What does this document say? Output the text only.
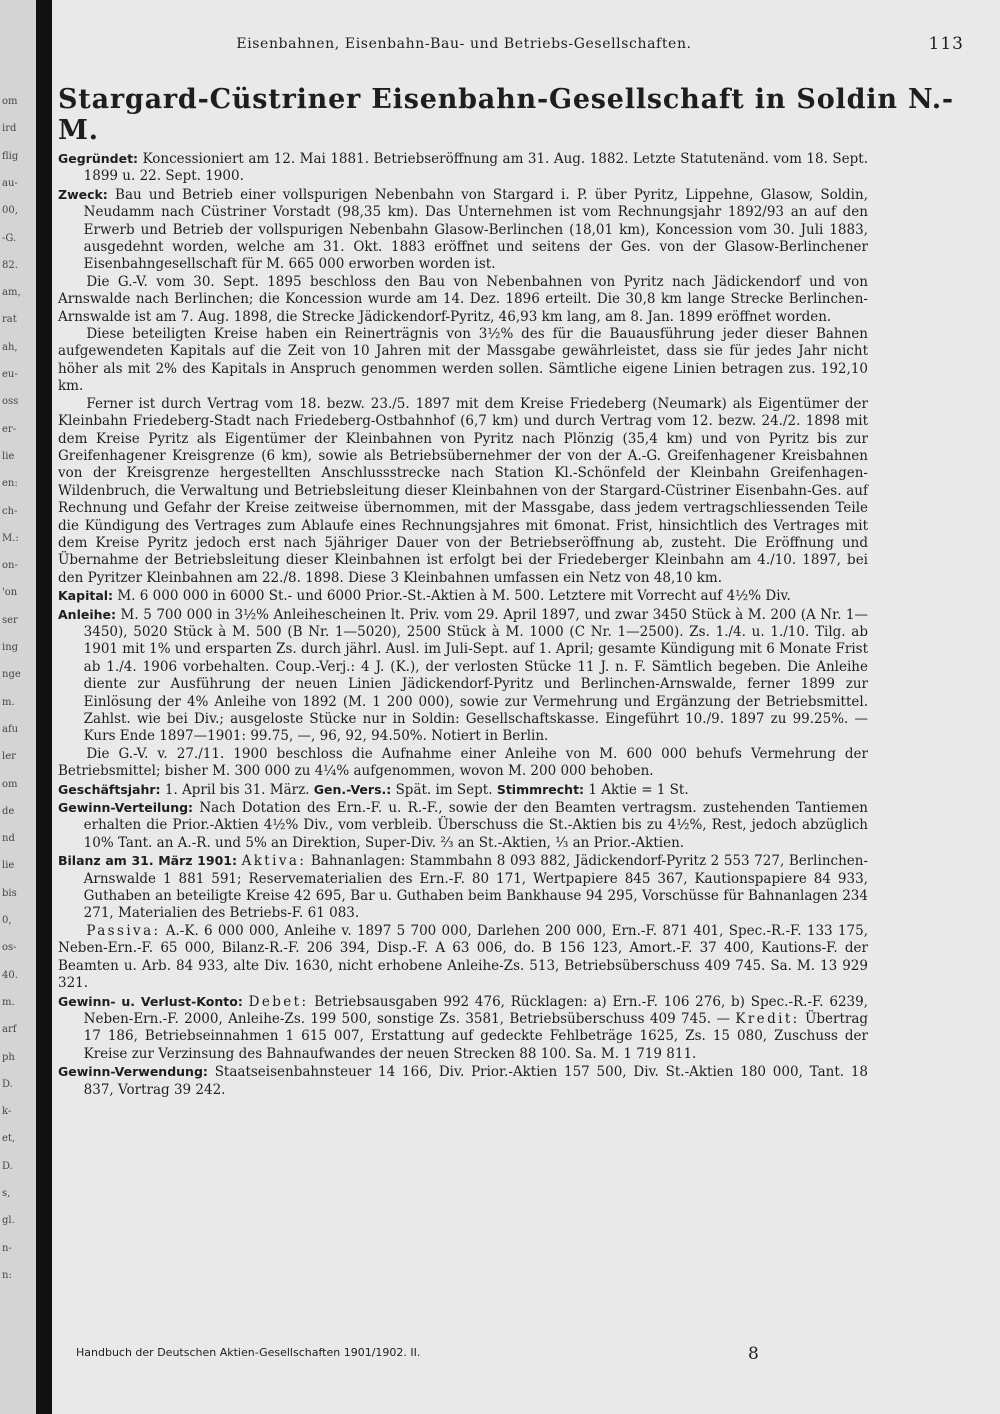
om
ird
flig
au-
00,
-G.
82.
am,
rat
ah,
eu-
oss
er-
lie
en:
ch-
M.:
on-
'on
ser
ing
nge
m.
afu
ler
om
de
nd
lie
bis
0,
os-
40.
m.
arf
ph
D.
k-
et,
D.
s,
gl.
n-
n:
Eisenbahnen, Eisenbahn-Bau- und Betriebs-Gesellschaften.	113
Stargard-Cüstriner Eisenbahn-Gesellschaft in Soldin N.-M.

Gegründet: Koncessioniert am 12. Mai 1881. Betriebseröffnung am 31. Aug. 1882. Letzte Statutenänd. vom 18. Sept. 1899 u. 22. Sept. 1900.

Zweck: Bau und Betrieb einer vollspurigen Nebenbahn von Stargard i. P. über Pyritz, Lippehne, Glasow, Soldin, Neudamm nach Cüstriner Vorstadt (98,35 km). Das Unternehmen ist vom Rechnungsjahr 1892/93 an auf den Erwerb und Betrieb der vollspurigen Nebenbahn Glasow-Berlinchen (18,01 km), Koncession vom 30. Juli 1883, ausgedehnt worden, welche am 31. Okt. 1883 eröffnet und seitens der Ges. von der Glasow-Berlinchener Eisenbahngesellschaft für M. 665 000 erworben worden ist.

Die G.-V. vom 30. Sept. 1895 beschloss den Bau von Nebenbahnen von Pyritz nach Jädickendorf und von Arnswalde nach Berlinchen; die Koncession wurde am 14. Dez. 1896 erteilt. Die 30,8 km lange Strecke Berlinchen-Arnswalde ist am 7. Aug. 1898, die Strecke Jädickendorf-Pyritz, 46,93 km lang, am 8. Jan. 1899 eröffnet worden.

Diese beteiligten Kreise haben ein Reinerträgnis von 3½% des für die Bauausführung jeder dieser Bahnen aufgewendeten Kapitals auf die Zeit von 10 Jahren mit der Massgabe gewährleistet, dass sie für jedes Jahr nicht höher als mit 2% des Kapitals in Anspruch genommen werden sollen. Sämtliche eigene Linien betragen zus. 192,10 km.

Ferner ist durch Vertrag vom 18. bezw. 23./5. 1897 mit dem Kreise Friedeberg (Neumark) als Eigentümer der Kleinbahn Friedeberg-Stadt nach Friedeberg-Ostbahnhof (6,7 km) und durch Vertrag vom 12. bezw. 24./2. 1898 mit dem Kreise Pyritz als Eigentümer der Kleinbahnen von Pyritz nach Plönzig (35,4 km) und von Pyritz bis zur Greifenhagener Kreisgrenze (6 km), sowie als Betriebsübernehmer der von der A.-G. Greifenhagener Kreisbahnen von der Kreisgrenze hergestellten Anschlussstrecke nach Station Kl.-Schönfeld der Kleinbahn Greifenhagen-Wildenbruch, die Verwaltung und Betriebsleitung dieser Kleinbahnen von der Stargard-Cüstriner Eisenbahn-Ges. auf Rechnung und Gefahr der Kreise zeitweise übernommen, mit der Massgabe, dass jedem vertragschliessenden Teile die Kündigung des Vertrages zum Ablaufe eines Rechnungsjahres mit 6monat. Frist, hinsichtlich des Vertrages mit dem Kreise Pyritz jedoch erst nach 5jähriger Dauer von der Betriebseröffnung ab, zusteht. Die Eröffnung und Übernahme der Betriebsleitung dieser Kleinbahnen ist erfolgt bei der Friedeberger Kleinbahn am 4./10. 1897, bei den Pyritzer Kleinbahnen am 22./8. 1898. Diese 3 Kleinbahnen umfassen ein Netz von 48,10 km.

Kapital: M. 6 000 000 in 6000 St.- und 6000 Prior.-St.-Aktien à M. 500. Letztere mit Vorrecht auf 4½% Div.

Anleihe: M. 5 700 000 in 3½% Anleihescheinen lt. Priv. vom 29. April 1897, und zwar 3450 Stück à M. 200 (A Nr. 1—3450), 5020 Stück à M. 500 (B Nr. 1—5020), 2500 Stück à M. 1000 (C Nr. 1—2500). Zs. 1./4. u. 1./10. Tilg. ab 1901 mit 1% und ersparten Zs. durch jährl. Ausl. im Juli-Sept. auf 1. April; gesamte Kündigung mit 6 Monate Frist ab 1./4. 1906 vorbehalten. Coup.-Verj.: 4 J. (K.), der verlosten Stücke 11 J. n. F. Sämtlich begeben. Die Anleihe diente zur Ausführung der neuen Linien Jädickendorf-Pyritz und Berlinchen-Arnswalde, ferner 1899 zur Einlösung der 4% Anleihe von 1892 (M. 1 200 000), sowie zur Vermehrung und Ergänzung der Betriebsmittel. Zahlst. wie bei Div.; ausgeloste Stücke nur in Soldin: Gesellschaftskasse. Eingeführt 10./9. 1897 zu 99.25%. — Kurs Ende 1897—1901: 99.75, —, 96, 92, 94.50%. Notiert in Berlin.

Die G.-V. v. 27./11. 1900 beschloss die Aufnahme einer Anleihe von M. 600 000 behufs Vermehrung der Betriebsmittel; bisher M. 300 000 zu 4¼% aufgenommen, wovon M. 200 000 behoben.

Geschäftsjahr: 1. April bis 31. März. Gen.-Vers.: Spät. im Sept. Stimmrecht: 1 Aktie = 1 St.

Gewinn-Verteilung: Nach Dotation des Ern.-F. u. R.-F., sowie der den Beamten vertragsm. zustehenden Tantiemen erhalten die Prior.-Aktien 4½% Div., vom verbleib. Überschuss die St.-Aktien bis zu 4½%, Rest, jedoch abzüglich 10% Tant. an A.-R. und 5% an Direktion, Super-Div. ⅔ an St.-Aktien, ⅓ an Prior.-Aktien.

Bilanz am 31. März 1901: Aktiva: Bahnanlagen: Stammbahn 8 093 882, Jädickendorf-Pyritz 2 553 727, Berlinchen-Arnswalde 1 881 591; Reservematerialien des Ern.-F. 80 171, Wertpapiere 845 367, Kautionspapiere 84 933, Guthaben an beteiligte Kreise 42 695, Bar u. Guthaben beim Bankhause 94 295, Vorschüsse für Bahnanlagen 234 271, Materialien des Betriebs-F. 61 083.

Passiva: A.-K. 6 000 000, Anleihe v. 1897 5 700 000, Darlehen 200 000, Ern.-F. 871 401, Spec.-R.-F. 133 175, Neben-Ern.-F. 65 000, Bilanz-R.-F. 206 394, Disp.-F. A 63 006, do. B 156 123, Amort.-F. 37 400, Kautions-F. der Beamten u. Arb. 84 933, alte Div. 1630, nicht erhobene Anleihe-Zs. 513, Betriebsüberschuss 409 745. Sa. M. 13 929 321.

Gewinn- u. Verlust-Konto: Debet: Betriebsausgaben 992 476, Rücklagen: a) Ern.-F. 106 276, b) Spec.-R.-F. 6239, Neben-Ern.-F. 2000, Anleihe-Zs. 199 500, sonstige Zs. 3581, Betriebsüberschuss 409 745. — Kredit: Übertrag 17 186, Betriebseinnahmen 1 615 007, Erstattung auf gedeckte Fehlbeträge 1625, Zs. 15 080, Zuschuss der Kreise zur Verzinsung des Bahnaufwandes der neuen Strecken 88 100. Sa. M. 1 719 811.

Gewinn-Verwendung: Staatseisenbahnsteuer 14 166, Div. Prior.-Aktien 157 500, Div. St.-Aktien 180 000, Tant. 18 837, Vortrag 39 242.

Handbuch der Deutschen Aktien-Gesellschaften 1901/1902. II.	8
